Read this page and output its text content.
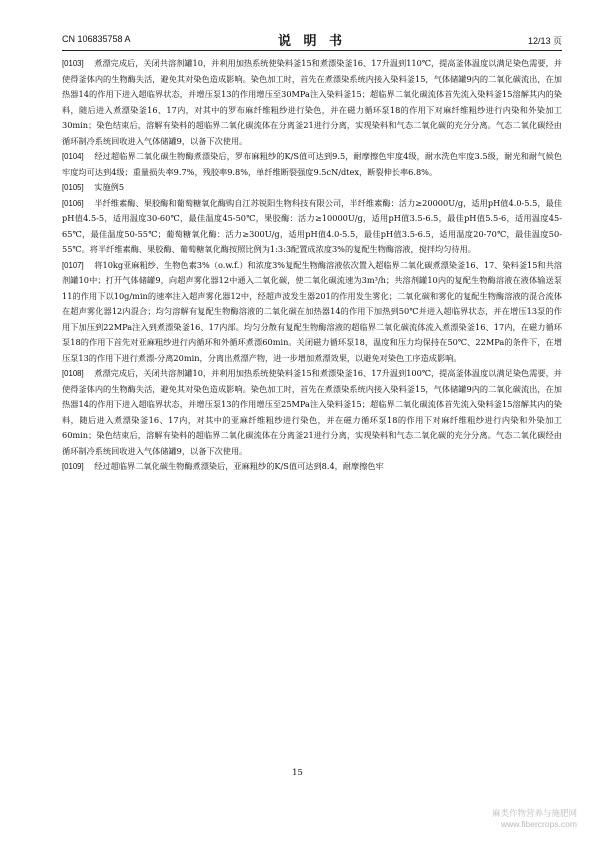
CN 106835758 A	说 明 书	12/13 页

[0103] 煮漂完成后，关闭共溶剂罐10，并利用加热系统使染料釜15和煮漂染釜16、17升温到110℃，提高釜体温度以满足染色需要，并使得釜体内的生物酶失活，避免其对染色造成影响。染色加工时，首先在煮漂染系统内接入染料釜15，气体储罐9内的二氧化碳流出，在加热器14的作用下进入超临界状态，并增压泵13的作用增压至30MPa注入染料釜15；超临界二氧化碳流体首先流入染料釜15溶解其内的染料，随后进入煮漂染釜16、17内，对其中的罗布麻纤维粗纱进行染色，并在磁力循环泵18的作用下对麻纤维粗纱进行内染和外染加工30min；染色结束后，溶解有染料的超临界二氧化碳流体在分离釜21进行分离，实现染料和气态二氧化碳的充分分离。气态二氧化碳经由循环制冷系统回收进入气体储罐9，以备下次使用。

[0104] 经过超临界二氧化碳生物酶煮漂染后，罗布麻粗纱的K/S值可达到9.5，耐摩擦色牢度4级，耐水洗色牢度3.5级，耐光和耐气候色牢度均可达到4级；重量损失率9.7%，残胶率9.8%，单纤维断裂强度9.5cN/dtex，断裂伸长率6.8%。

[0105] 实施例5

[0106] 半纤维素酶、果胶酶和葡萄糖氧化酶购自江苏锐阳生物科技有限公司，半纤维素酶：活力≥20000U/g，适用pH值4.0-5.5，最佳pH值4.5-5，适用温度30-60℃，最佳温度45-50℃，果胶酶：活力≥10000U/g，适用pH值3.5-6.5，最佳pH值5.5-6，适用温度45-65℃，最佳温度50-55℃；葡萄糖氧化酶：活力≥300U/g，适用pH值4.0-5.5，最佳pH值3.5-6.5，适用温度20-70℃，最佳温度50-55℃。将半纤维素酶、果胶酶、葡萄糖氧化酶按照比例为1:3:3配置成浓度3%的复配生物酶溶液，搅拌均匀待用。

[0107] 将10kg亚麻粗纱、生物色素3%（o.w.f.）和浓度3%复配生物酶溶液依次置入超临界二氧化碳煮漂染釜16、17、染料釜15和共溶剂罐10中；打开气体储罐9，向超声雾化器12中通入二氧化碳，使二氧化碳流速为3m³/h；共溶剂罐10内的复配生物酶溶液在液体输送泵11的作用下以10g/min的速率注入超声雾化器12中，经超声波发生器201的作用发生雾化；二氧化碳和雾化的复配生物酶溶液的混合流体在超声雾化器12内混合；均匀溶解有复配生物酶溶液的二氧化碳在加热器14的作用下加热到50℃并进入超临界状态，并在增压13泵的作用下加压到22MPa注入到煮漂染釜16、17内部。均匀分散有复配生物酶溶液的超临界二氧化碳流体流入煮漂染釜16、17内，在磁力循环泵18的作用下首先对亚麻粗纱进行内循环和外循环煮漂60min。关闭磁力循环泵18，温度和压力均保持在50℃、22MPa的条件下，在增压泵13的作用下进行煮漂-分离20min，分离出煮漂产物，进一步增加煮漂效果，以避免对染色工序造成影响。

[0108] 煮漂完成后，关闭共溶剂罐10，并利用加热系统使染料釜15和煮漂染釜16、17升温到100℃，提高釜体温度以满足染色需要，并使得釜体内的生物酶失活，避免其对染色造成影响。染色加工时，首先在煮漂染系统内接入染料釜15，气体储罐9内的二氧化碳流出，在加热器14的作用下进入超临界状态，并增压泵13的作用增压至25MPa注入染料釜15；超临界二氧化碳流体首先流入染料釜15溶解其内的染料，随后进入煮漂染釜16、17内，对其中的亚麻纤维粗纱进行染色，并在磁力循环泵18的作用下对麻纤维粗纱进行内染和外染加工60min；染色结束后，溶解有染料的超临界二氧化碳流体在分离釜21进行分离，实现染料和气态二氧化碳的充分分离。气态二氧化碳经由循环制冷系统回收进入气体储罐9，以备下次使用。

[0109] 经过超临界二氧化碳生物酶煮漂染后，亚麻粗纱的K/S值可达到8.4，耐摩擦色牢

15
麻类作物营养与施肥网
www.fibercrops.com
